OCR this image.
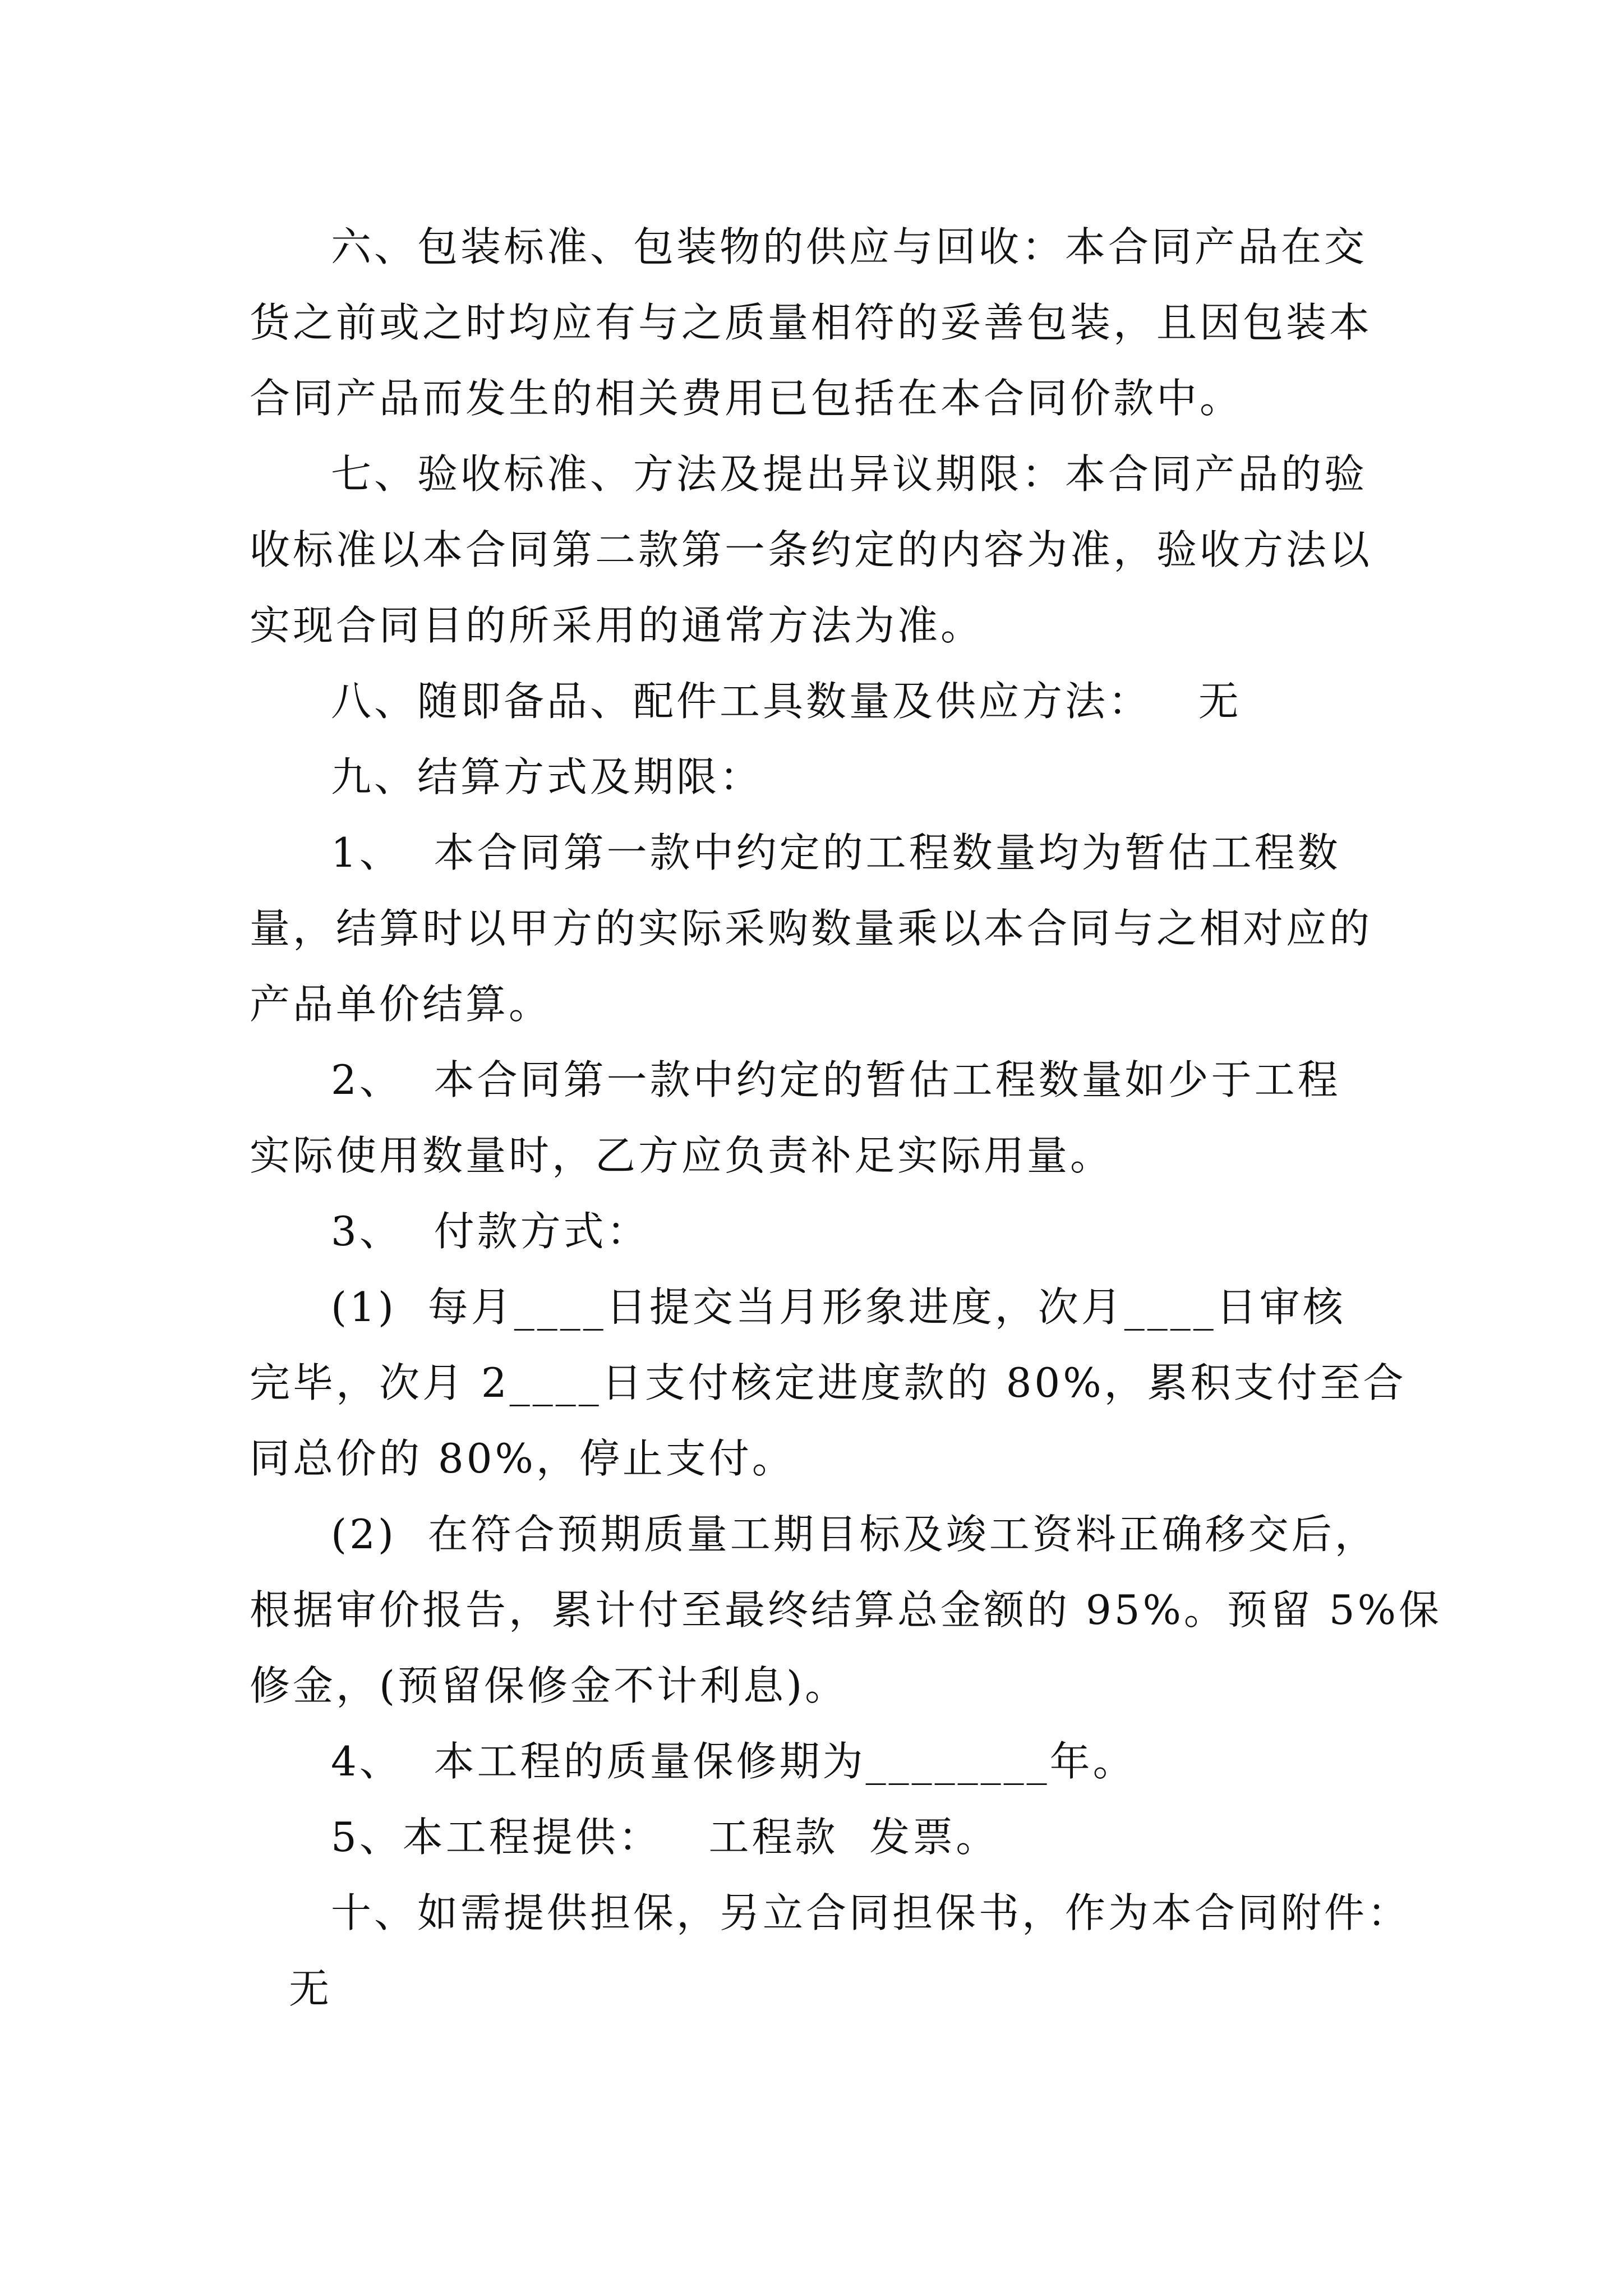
六、包装标准、包装物的供应与回收：本合同产品在交
货之前或之时均应有与之质量相符的妥善包装，且因包装本
合同产品而发生的相关费用已包括在本合同价款中。
七、验收标准、方法及提出异议期限：本合同产品的验
收标准以本合同第二款第一条约定的内容为准，验收方法以
实现合同目的所采用的通常方法为准。
八、随即备品、配件工具数量及供应方法：   无
九、结算方式及期限：
1、  本合同第一款中约定的工程数量均为暂估工程数
量，结算时以甲方的实际采购数量乘以本合同与之相对应的
产品单价结算。
2、  本合同第一款中约定的暂估工程数量如少于工程
实际使用数量时，乙方应负责补足实际用量。
3、  付款方式：
(1)  每月____日提交当月形象进度，次月____日审核
完毕，次月 2____日支付核定进度款的 80%，累积支付至合
同总价的 80%，停止支付。
(2)  在符合预期质量工期目标及竣工资料正确移交后，
根据审价报告，累计付至最终结算总金额的 95%。预留 5%保
修金，(预留保修金不计利息)。
4、  本工程的质量保修期为________年。
5、本工程提供：   工程款  发票。
十、如需提供担保，另立合同担保书，作为本合同附件：
无
